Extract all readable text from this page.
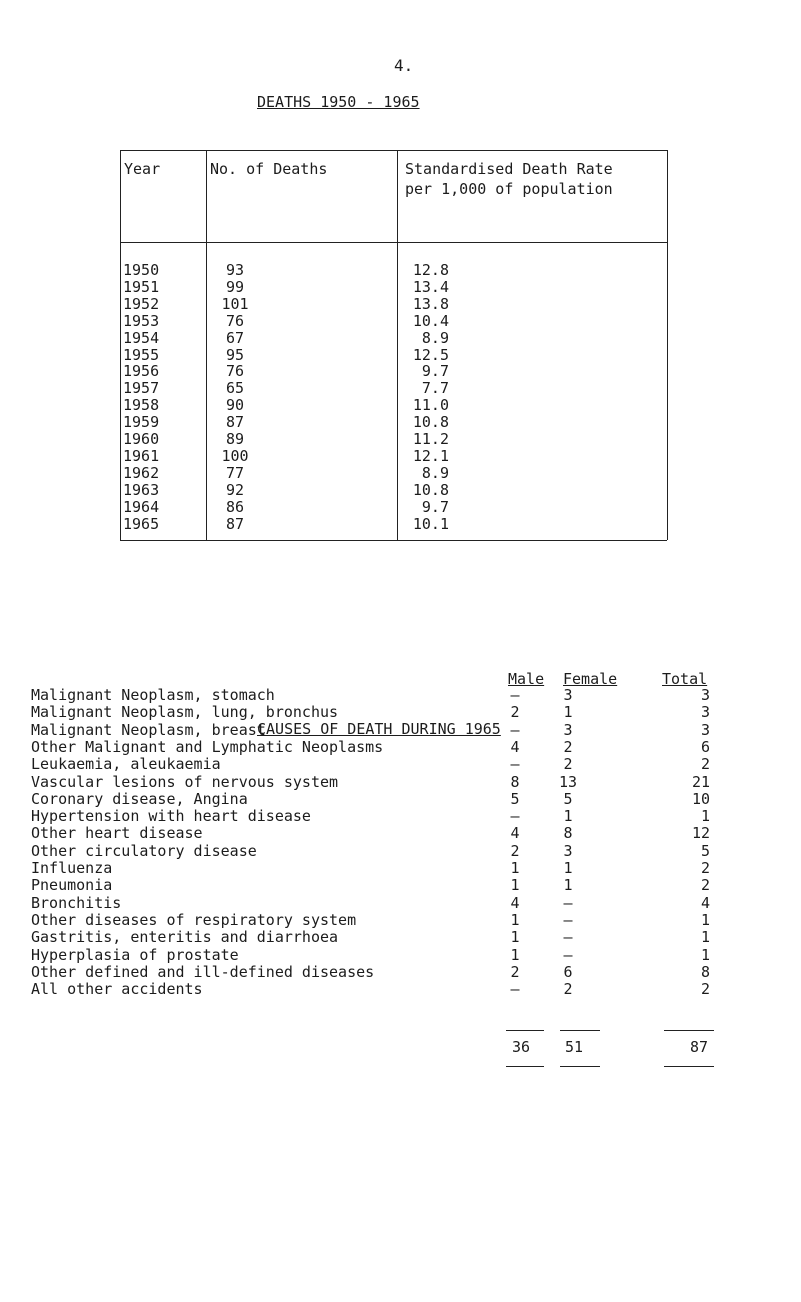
4.
DEATHS 1950 - 1965
Year	No. of Deaths	Standardised Death Rate
per 1,000 of population
1950	93	12.8
1951	99	13.4
1952	101	13.8
1953	76	10.4
1954	67	8.9
1955	95	12.5
1956	76	9.7
1957	65	7.7
1958	90	11.0
1959	87	10.8
1960	89	11.2
1961	100	12.1
1962	77	8.9
1963	92	10.8
1964	86	9.7
1965	87	10.1
CAUSES OF DEATH DURING 1965
Male Female	Total
Malignant Neoplasm, stomach	–	3	3
Malignant Neoplasm, lung, bronchus	2	1	3
Malignant Neoplasm, breast	–	3	3
Other Malignant and Lymphatic Neoplasms	4	2	6
Leukaemia, aleukaemia	–	2	2
Vascular lesions of nervous system	8	13	21
Coronary disease, Angina	5	5	10
Hypertension with heart disease	–	1	1
Other heart disease	4	8	12
Other circulatory disease	2	3	5
Influenza	1	1	2
Pneumonia	1	1	2
Bronchitis	4	–	4
Other diseases of respiratory system	1	–	1
Gastritis, enteritis and diarrhoea	1	–	1
Hyperplasia of prostate	1	–	1
Other defined and ill-defined diseases	2	6	8
All other accidents	–	2	2
36 51	87
